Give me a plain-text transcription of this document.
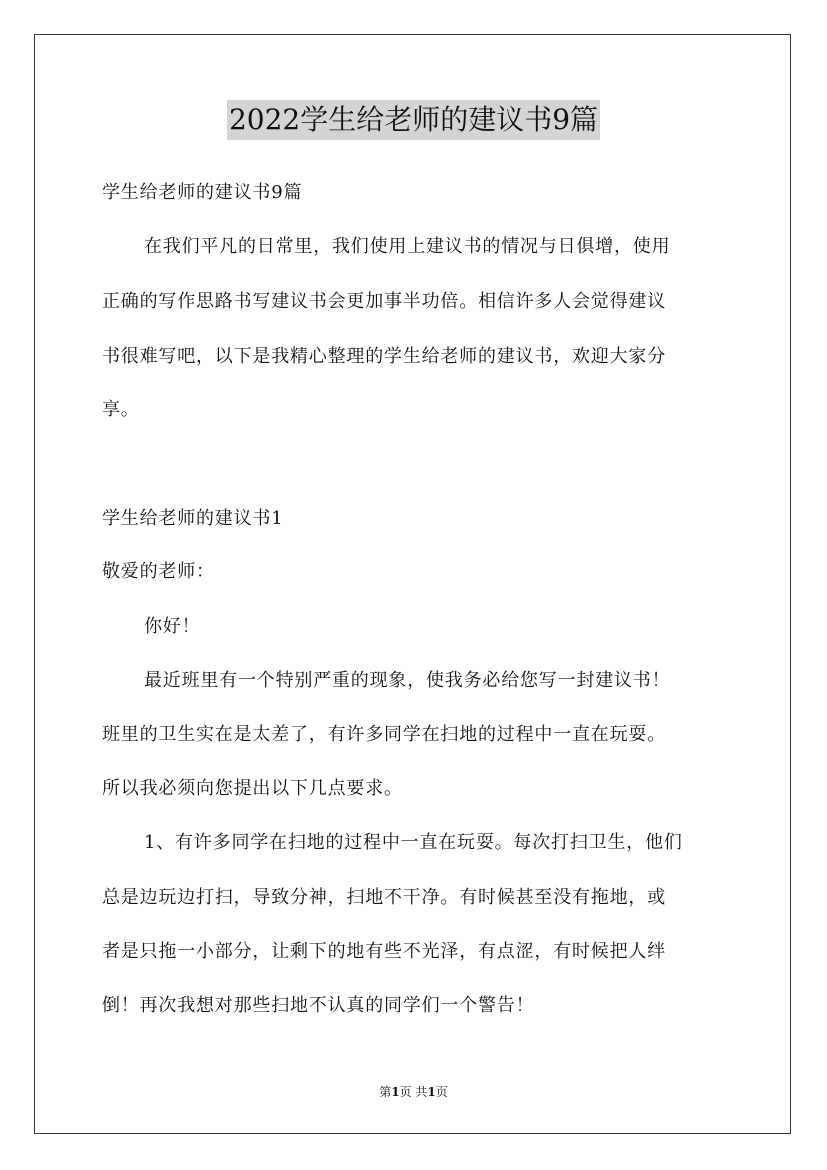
2022学生给老师的建议书9篇
学生给老师的建议书9篇
在我们平凡的日常里，我们使用上建议书的情况与日俱增，使用
正确的写作思路书写建议书会更加事半功倍。相信许多人会觉得建议
书很难写吧，以下是我精心整理的学生给老师的建议书，欢迎大家分
享。
学生给老师的建议书1
敬爱的老师：
你好！
最近班里有一个特别严重的现象，使我务必给您写一封建议书！
班里的卫生实在是太差了，有许多同学在扫地的过程中一直在玩耍。
所以我必须向您提出以下几点要求。
1、有许多同学在扫地的过程中一直在玩耍。每次打扫卫生，他们
总是边玩边打扫，导致分神，扫地不干净。有时候甚至没有拖地，或
者是只拖一小部分，让剩下的地有些不光泽，有点涩，有时候把人绊
倒！再次我想对那些扫地不认真的同学们一个警告！
第1页 共1页
